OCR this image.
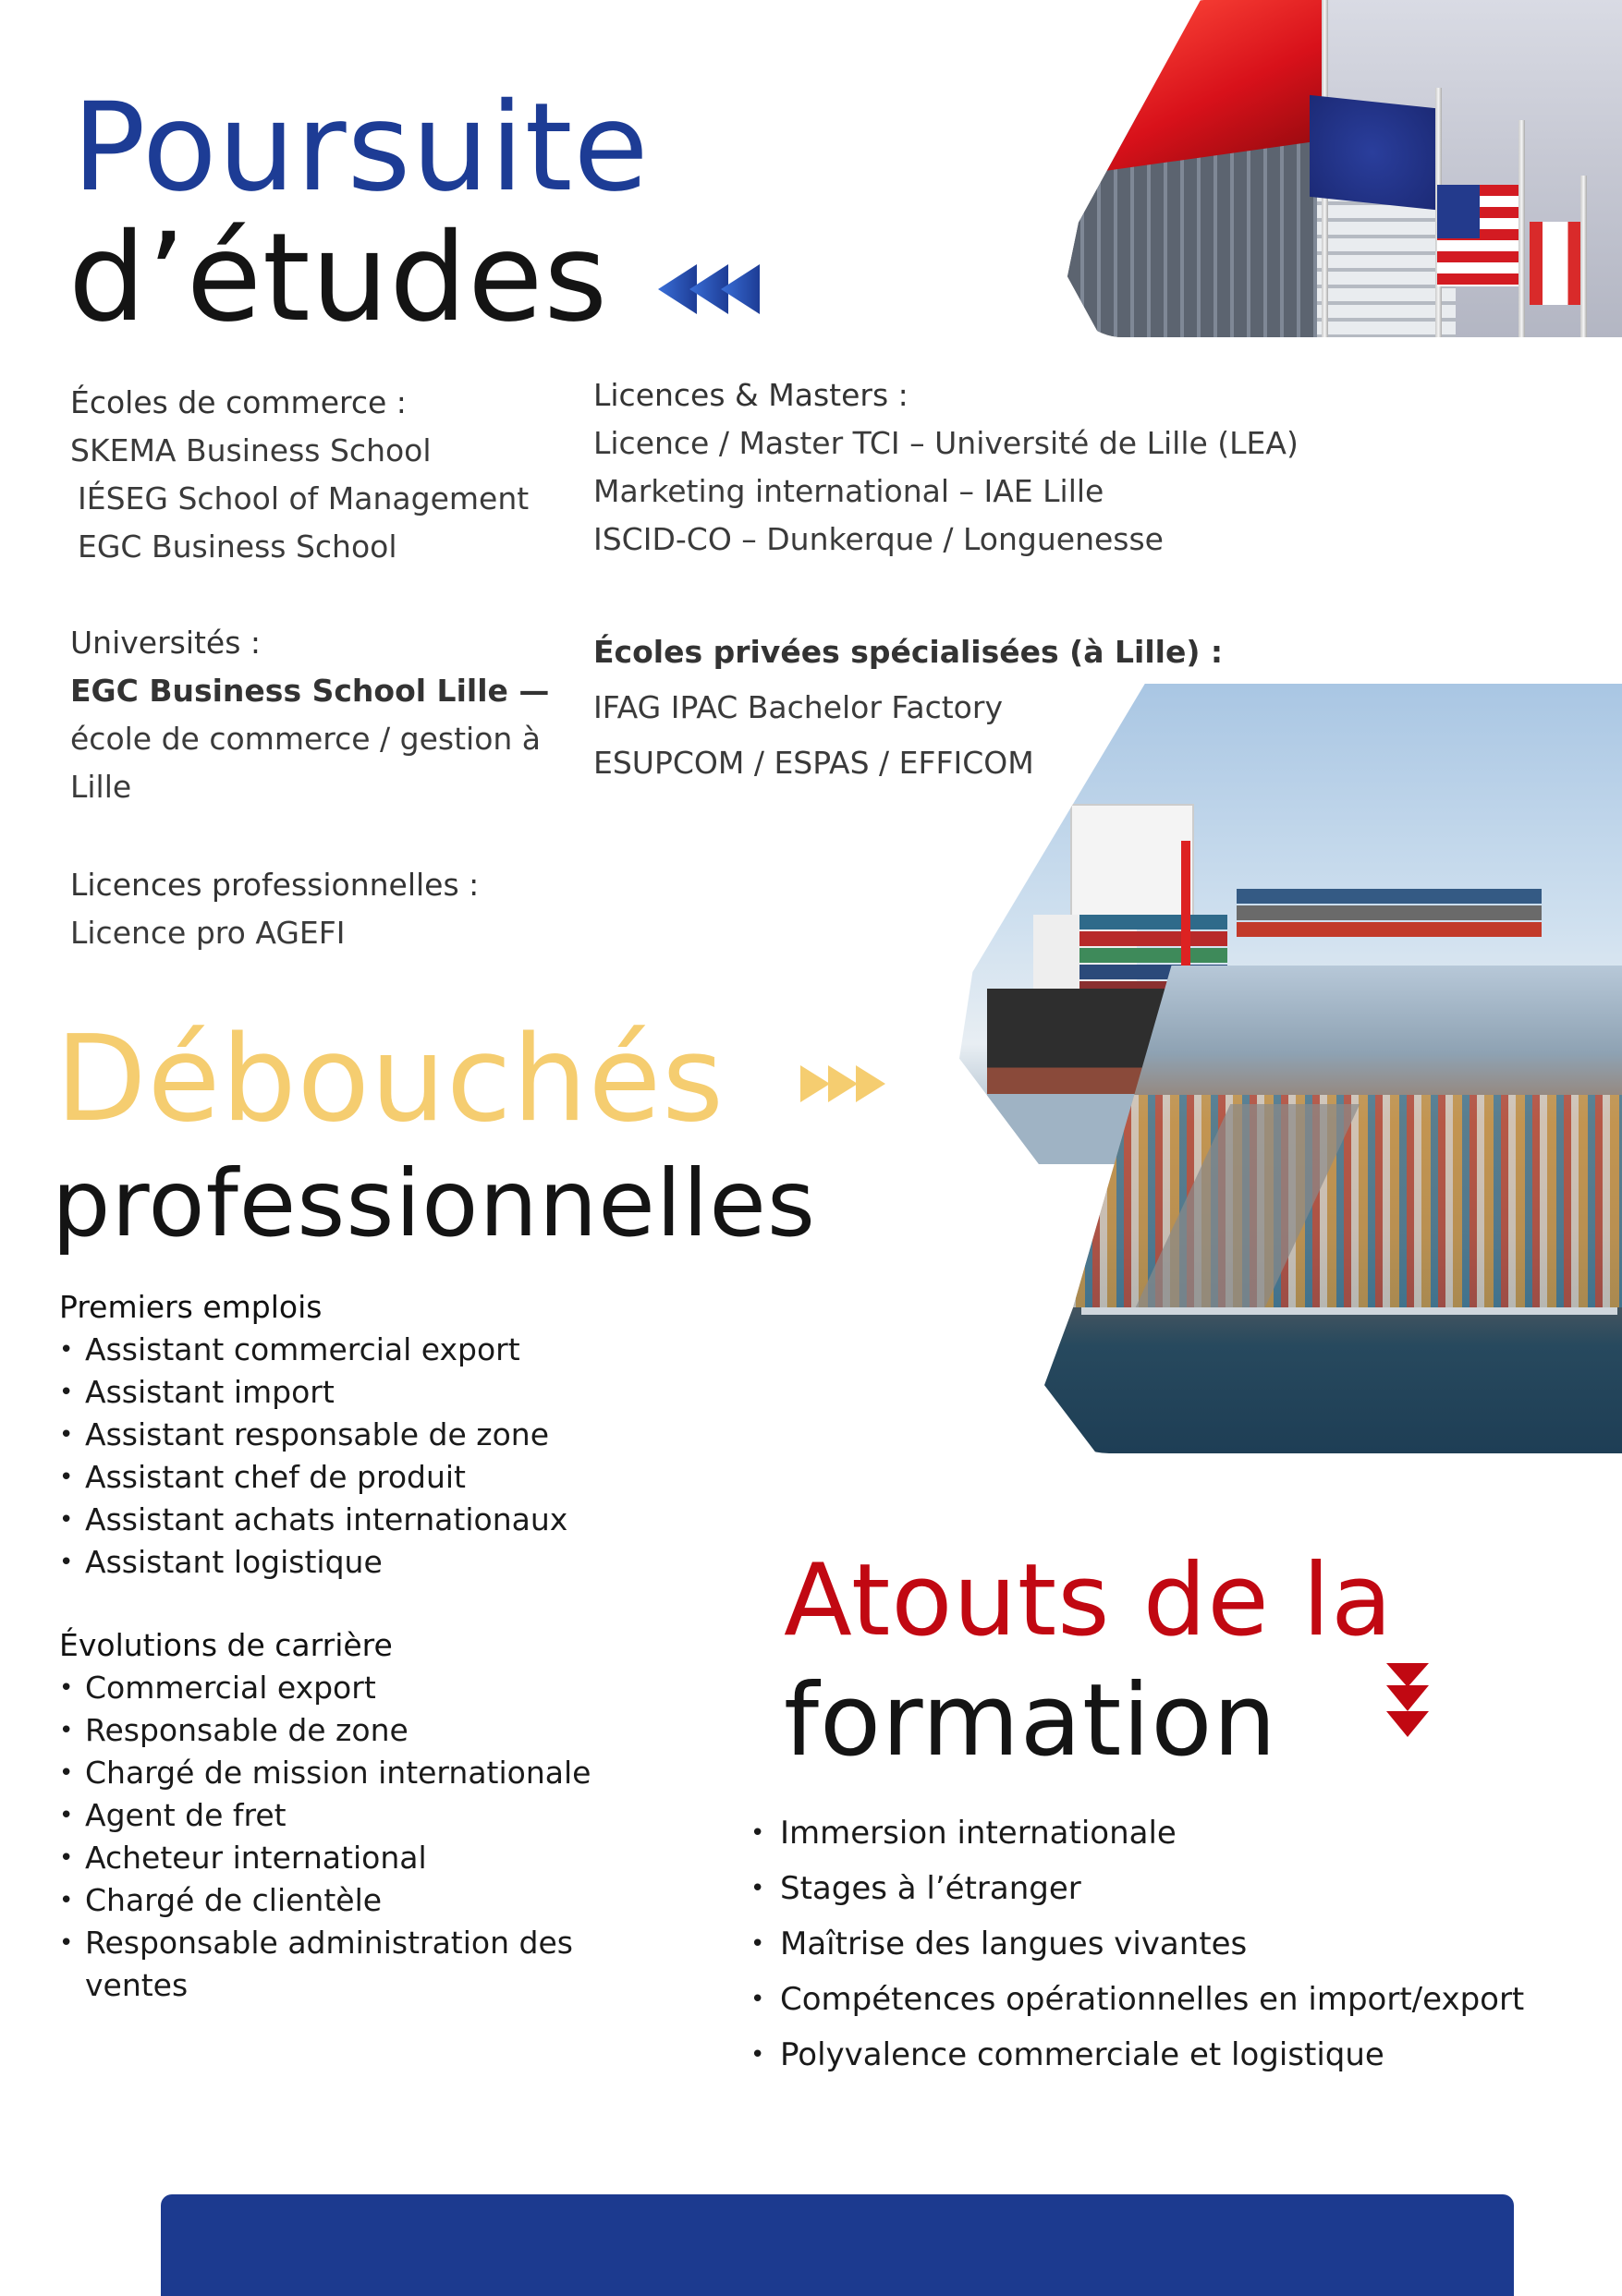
Poursuite
d’études
Écoles de commerce :
SKEMA Business School
IÉSEG School of Management
EGC Business School
Universités :
EGC Business School Lille —
école de commerce / gestion à
Lille
Licences professionnelles :
Licence pro AGEFI
Licences & Masters :
Licence / Master TCI – Université de Lille (LEA)
Marketing international – IAE Lille
ISCID-CO – Dunkerque / Longuenesse
Écoles privées spécialisées (à Lille) :
IFAG IPAC Bachelor Factory
ESUPCOM / ESPAS / EFFICOM
Débouchés
professionnelles
Premiers emplois
• Assistant commercial export
• Assistant import
• Assistant responsable de zone
• Assistant chef de produit
• Assistant achats internationaux
• Assistant logistique
Évolutions de carrière
• Commercial export
• Responsable de zone
• Chargé de mission internationale
• Agent de fret
• Acheteur international
• Chargé de clientèle
• Responsable administration des
ventes
Atouts de la
formation
• Immersion internationale
• Stages à l’étranger
• Maîtrise des langues vivantes
• Compétences opérationnelles en import/export
• Polyvalence commerciale et logistique
